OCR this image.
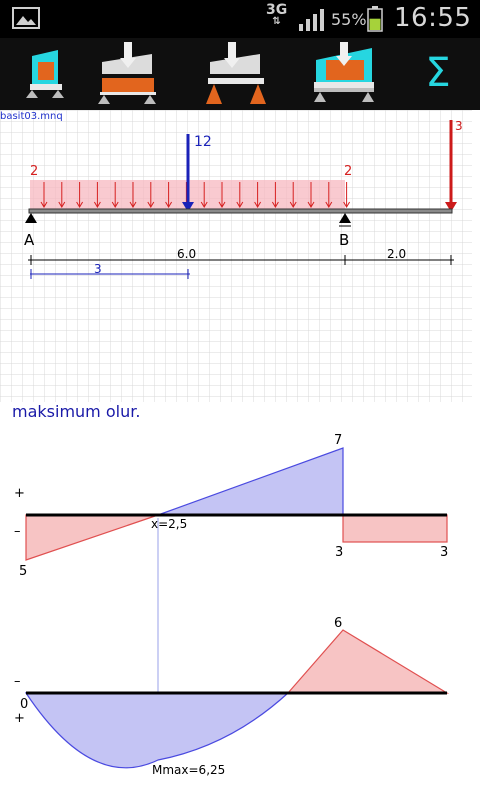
3G
⇅	55% 16:55
Σ
2	2
12
3
A	B
6.0	2.0
3
basit03.mnq
maksimum olur.
+
–
5
7
x=2,5
3	3
–
0
+
6
Mmax=6,25
